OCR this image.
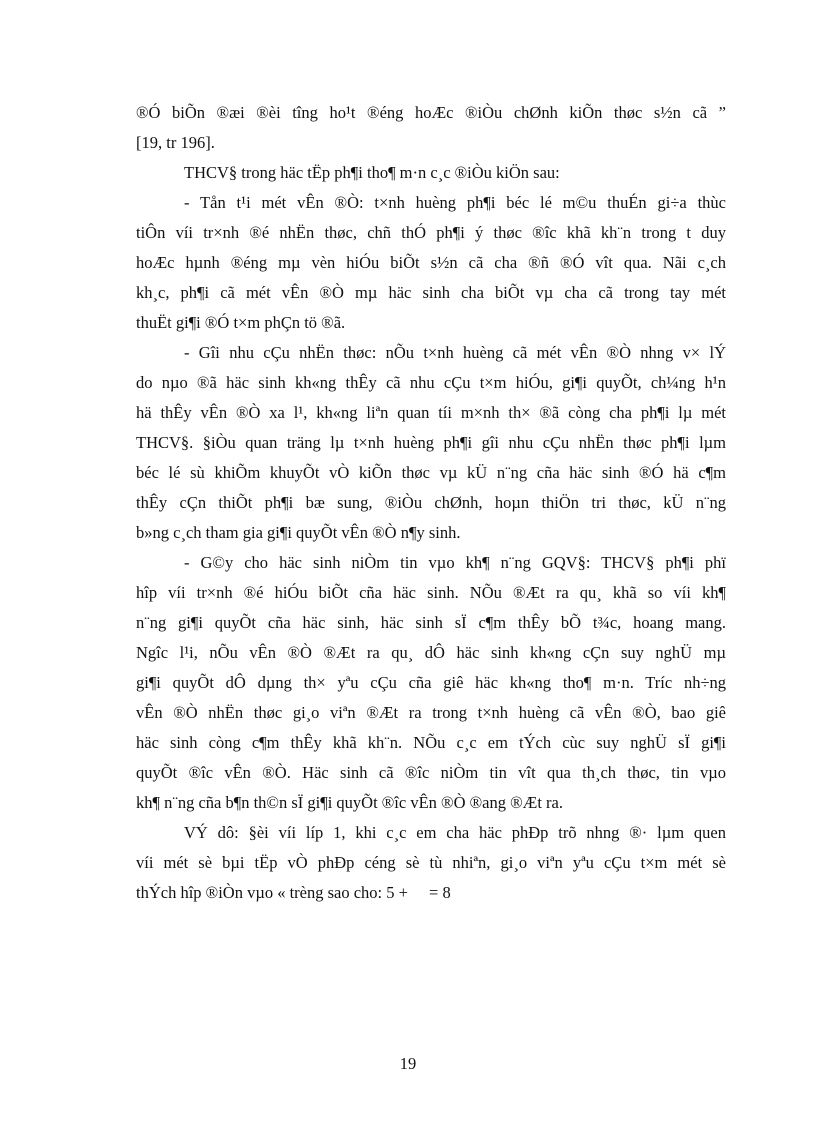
®Ó biÕn ®æi ®èi tîng ho¹t ®éng hoÆc ®iÒu chØnh kiÕn thøc s½n cã ”
[19, tr 196].
THCV§ trong häc tËp ph¶i tho¶ m·n c¸c ®iÒu kiÖn sau:
- Tån t¹i mét vÊn ®Ò: t×nh huèng ph¶i béc lé m©u thuÉn gi÷a thùc
tiÔn víi tr×nh ®é nhËn thøc, chñ thÓ ph¶i ý thøc ®îc khã kh¨n trong t duy
hoÆc hµnh ®éng mµ vèn hiÓu biÕt s½n cã cha ®ñ ®Ó vît qua. Nãi c¸ch
kh¸c, ph¶i cã mét vÊn ®Ò mµ häc sinh cha biÕt vµ cha cã trong tay mét
thuËt gi¶i ®Ó t×m phÇn tö ®ã.
- Gîi nhu cÇu nhËn thøc: nÕu t×nh huèng cã mét vÊn ®Ò nhng v× lÝ
do nµo ®ã häc sinh kh«ng thÊy cã nhu cÇu t×m hiÓu, gi¶i quyÕt, ch¼ng h¹n
hä thÊy vÊn ®Ò xa l¹, kh«ng liªn quan tíi m×nh th× ®ã còng cha ph¶i lµ mét
THCV§. §iÒu quan träng lµ t×nh huèng ph¶i gîi nhu cÇu nhËn thøc ph¶i lµm
béc lé sù khiÕm khuyÕt vÒ kiÕn thøc vµ kÜ n¨ng cña häc sinh ®Ó hä c¶m
thÊy cÇn thiÕt ph¶i bæ sung, ®iÒu chØnh, hoµn thiÖn tri thøc, kÜ n¨ng
b»ng c¸ch tham gia gi¶i quyÕt vÊn ®Ò n¶y sinh.
- G©y cho häc sinh niÒm tin vµo kh¶ n¨ng GQV§: THCV§ ph¶i phï
hîp víi tr×nh ®é hiÓu biÕt cña häc sinh. NÕu ®Æt ra qu¸ khã so víi kh¶
n¨ng gi¶i quyÕt cña häc sinh, häc sinh sÏ c¶m thÊy bÕ t¾c, hoang mang.
Ngîc l¹i, nÕu vÊn ®Ò ®Æt ra qu¸ dÔ häc sinh kh«ng cÇn suy nghÜ mµ
gi¶i quyÕt dÔ dµng th× yªu cÇu cña giê häc kh«ng tho¶ m·n. Tríc nh÷ng
vÊn ®Ò nhËn thøc gi¸o viªn ®Æt ra trong t×nh huèng cã vÊn ®Ò, bao giê
häc sinh còng c¶m thÊy khã kh¨n. NÕu c¸c em tÝch cùc suy nghÜ sÏ gi¶i
quyÕt ®îc vÊn ®Ò. Häc sinh cã ®îc niÒm tin vît qua th¸ch thøc, tin vµo
kh¶ n¨ng cña b¶n th©n sÏ gi¶i quyÕt ®îc vÊn ®Ò ®ang ®Æt ra.
VÝ dô: §èi víi líp 1, khi c¸c em cha häc phÐp trõ nhng ®· lµm quen
víi mét sè bµi tËp vÒ phÐp céng sè tù nhiªn, gi¸o viªn yªu cÇu t×m mét sè
thÝch hîp ®iÒn vµo « trèng sao cho: 5 + = 8
19
